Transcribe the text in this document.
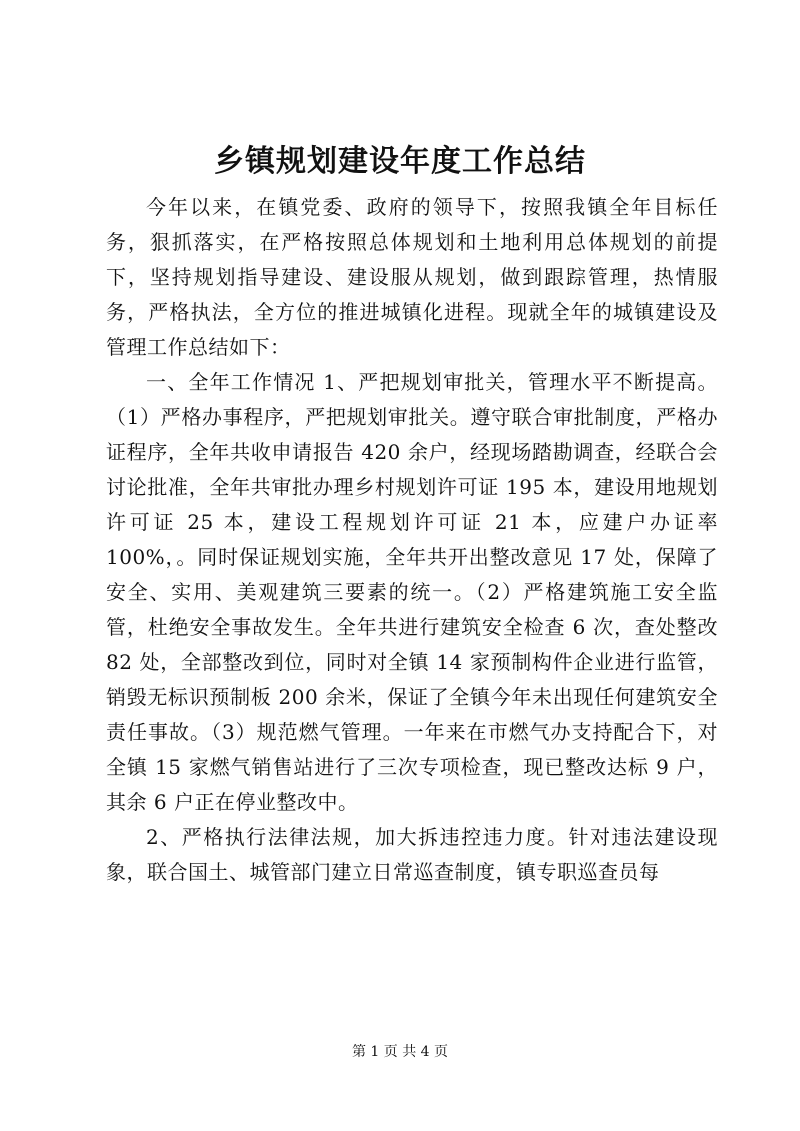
乡镇规划建设年度工作总结

今年以来，在镇党委、政府的领导下，按照我镇全年目标任务，狠抓落实，在严格按照总体规划和土地利用总体规划的前提下，坚持规划指导建设、建设服从规划，做到跟踪管理，热情服务，严格执法，全方位的推进城镇化进程。现就全年的城镇建设及管理工作总结如下：

一、全年工作情况 1、严把规划审批关，管理水平不断提高。（1）严格办事程序，严把规划审批关。遵守联合审批制度，严格办证程序，全年共收申请报告 420 余户，经现场踏勘调查，经联合会讨论批准，全年共审批办理乡村规划许可证 195 本，建设用地规划许可证 25 本，建设工程规划许可证 21 本，应建户办证率 100%，。同时保证规划实施，全年共开出整改意见 17 处，保障了安全、实用、美观建筑三要素的统一。（2）严格建筑施工安全监管，杜绝安全事故发生。全年共进行建筑安全检查 6 次，查处整改 82 处，全部整改到位，同时对全镇 14 家预制构件企业进行监管，销毁无标识预制板 200 余米，保证了全镇今年未出现任何建筑安全责任事故。（3）规范燃气管理。一年来在市燃气办支持配合下，对全镇 15 家燃气销售站进行了三次专项检查，现已整改达标 9 户，其余 6 户正在停业整改中。

2、严格执行法律法规，加大拆违控违力度。针对违法建设现象，联合国土、城管部门建立日常巡查制度，镇专职巡查员每

第 1 页 共 4 页
